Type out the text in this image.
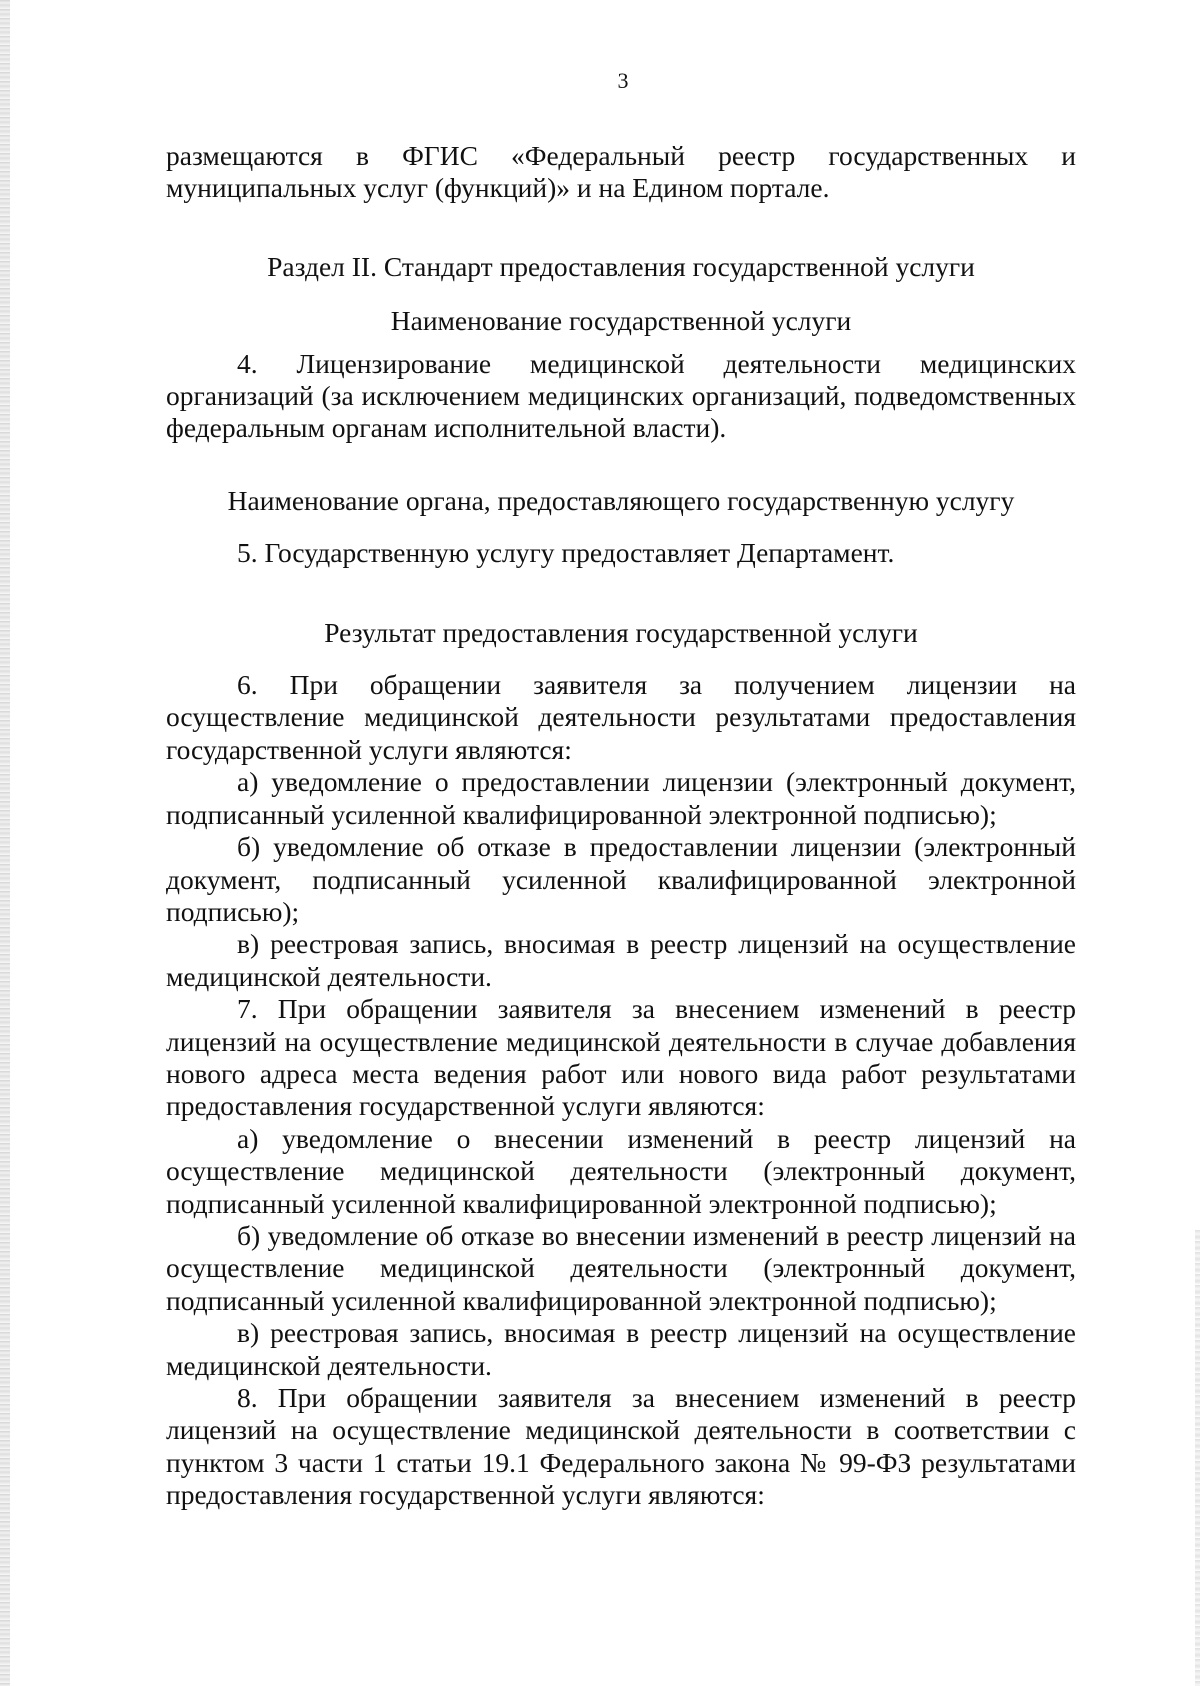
3

размещаются в ФГИС «Федеральный реестр государственных и муниципальных услуг (функций)» и на Едином портале.

Раздел II. Стандарт предоставления государственной услуги

Наименование государственной услуги

4. Лицензирование медицинской деятельности медицинских организаций (за исключением медицинских организаций, подведомственных федеральным органам исполнительной власти).

Наименование органа, предоставляющего государственную услугу

5. Государственную услугу предоставляет Департамент.

Результат предоставления государственной услуги

6. При обращении заявителя за получением лицензии на осуществление медицинской деятельности результатами предоставления государственной услуги являются:

а) уведомление о предоставлении лицензии (электронный документ, подписанный усиленной квалифицированной электронной подписью);

б) уведомление об отказе в предоставлении лицензии (электронный документ, подписанный усиленной квалифицированной электронной подписью);

в) реестровая запись, вносимая в реестр лицензий на осуществление медицинской деятельности.

7. При обращении заявителя за внесением изменений в реестр лицензий на осуществление медицинской деятельности в случае добавления нового адреса места ведения работ или нового вида работ результатами предоставления государственной услуги являются:

а) уведомление о внесении изменений в реестр лицензий на осуществление медицинской деятельности (электронный документ, подписанный усиленной квалифицированной электронной подписью);

б) уведомление об отказе во внесении изменений в реестр лицензий на осуществление медицинской деятельности (электронный документ, подписанный усиленной квалифицированной электронной подписью);

в) реестровая запись, вносимая в реестр лицензий на осуществление медицинской деятельности.

8. При обращении заявителя за внесением изменений в реестр лицензий на осуществление медицинской деятельности в соответствии с пунктом 3 части 1 статьи 19.1 Федерального закона № 99-ФЗ результатами предоставления государственной услуги являются:
